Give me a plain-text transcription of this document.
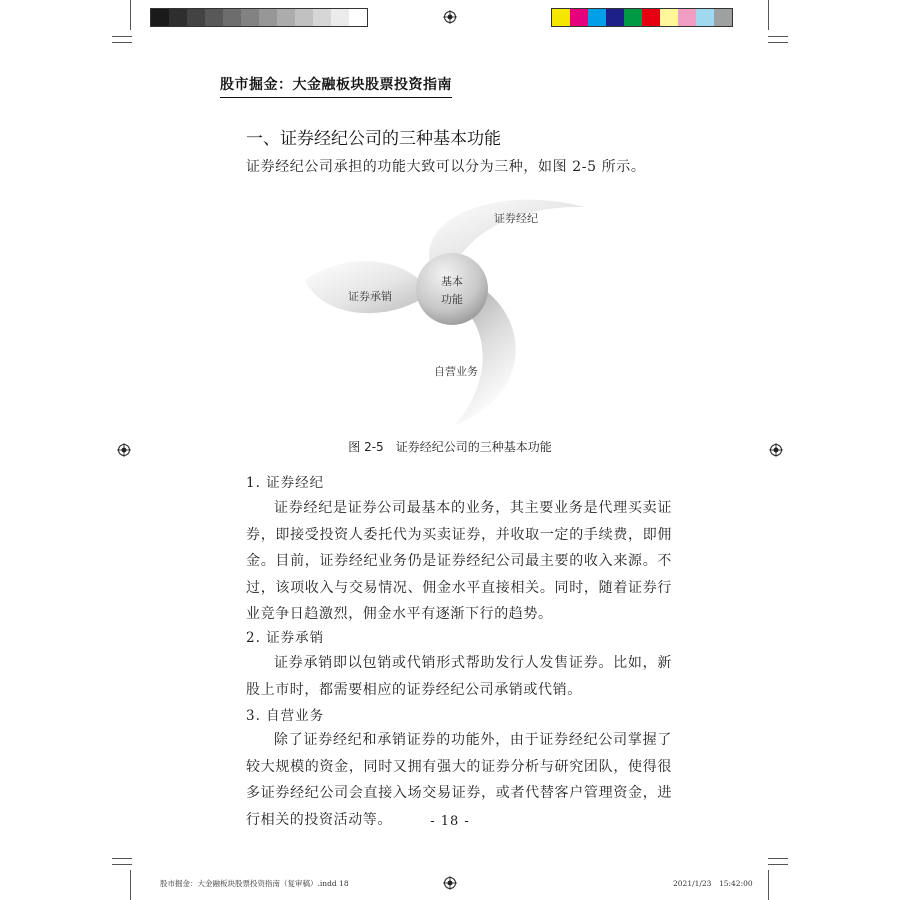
股市掘金：大金融板块股票投资指南
一、证券经纪公司的三种基本功能
证券经纪公司承担的功能大致可以分为三种，如图 2-5 所示。
基本
功能
证券经纪
证券承销
自营业务
图 2-5　证券经纪公司的三种基本功能
1. 证券经纪

证券经纪是证券公司最基本的业务，其主要业务是代理买卖证券，即接受投资人委托代为买卖证券，并收取一定的手续费，即佣金。目前，证券经纪业务仍是证券经纪公司最主要的收入来源。不过，该项收入与交易情况、佣金水平直接相关。同时，随着证券行业竞争日趋激烈，佣金水平有逐渐下行的趋势。

2. 证券承销

证券承销即以包销或代销形式帮助发行人发售证券。比如，新股上市时，都需要相应的证券经纪公司承销或代销。

3. 自营业务

除了证券经纪和承销证券的功能外，由于证券经纪公司掌握了较大规模的资金，同时又拥有强大的证券分析与研究团队，使得很多证券经纪公司会直接入场交易证券，或者代替客户管理资金，进行相关的投资活动等。	- 18 -
股市掘金：大金融板块股票投资指南（复审稿）.indd 18	2021/1/23　15:42:00
